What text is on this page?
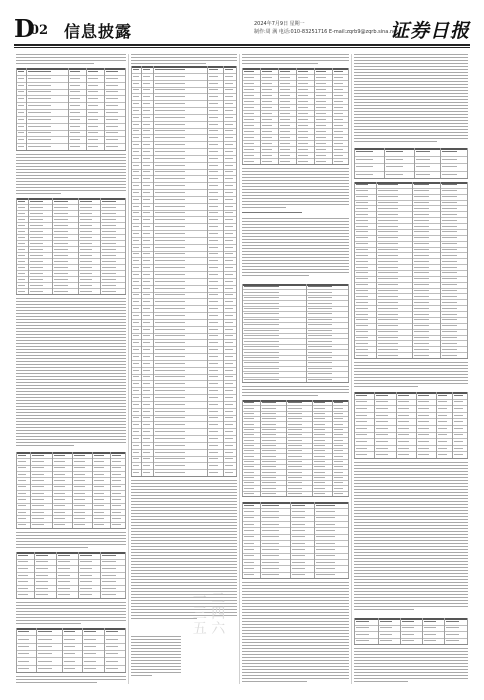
D
02 信息披露	2024年7月9日 星期一
制作:周 满 电话:010-83251716 E-mail:zqrb9@zqrb.sina.net
证券日报
一 二
三 四
五 六
